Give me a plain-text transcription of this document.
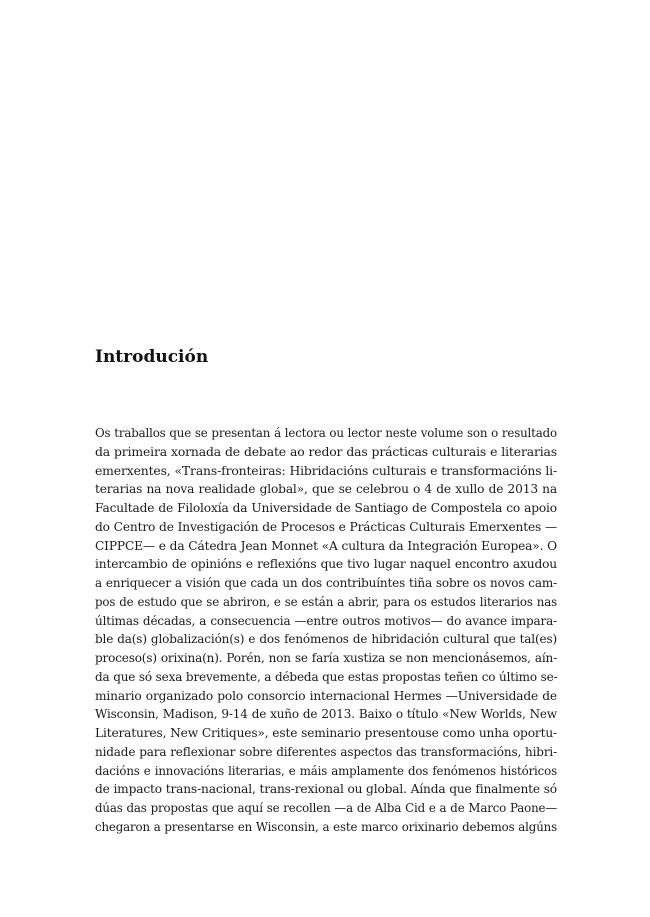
Introdución
Os traballos que se presentan á lectora ou lector neste volume son o resultado
da primeira xornada de debate ao redor das prácticas culturais e literarias
emerxentes, «Trans-fronteiras: Hibridacións culturais e transformacións li-
terarias na nova realidade global», que se celebrou o 4 de xullo de 2013 na
Facultade de Filoloxía da Universidade de Santiago de Compostela co apoio
do Centro de Investigación de Procesos e Prácticas Culturais Emerxentes —
CIPPCE— e da Cátedra Jean Monnet «A cultura da Integración Europea». O
intercambio de opinións e reflexións que tivo lugar naquel encontro axudou
a enriquecer a visión que cada un dos contribuíntes tiña sobre os novos cam-
pos de estudo que se abriron, e se están a abrir, para os estudos literarios nas
últimas décadas, a consecuencia —entre outros motivos— do avance impara-
ble da(s) globalización(s) e dos fenómenos de hibridación cultural que tal(es)
proceso(s) orixina(n). Porén, non se faría xustiza se non mencionásemos, aín-
da que só sexa brevemente, a débeda que estas propostas teñen co último se-
minario organizado polo consorcio internacional Hermes —Universidade de
Wisconsin, Madison, 9-14 de xuño de 2013. Baixo o título «New Worlds, New
Literatures, New Critiques», este seminario presentouse como unha oportu-
nidade para reflexionar sobre diferentes aspectos das transformacións, hibri-
dacións e innovacións literarias, e máis amplamente dos fenómenos históricos
de impacto trans-nacional, trans-rexional ou global. Aínda que finalmente só
dúas das propostas que aquí se recollen —a de Alba Cid e a de Marco Paone—
chegaron a presentarse en Wisconsin, a este marco orixinario debemos algúns
